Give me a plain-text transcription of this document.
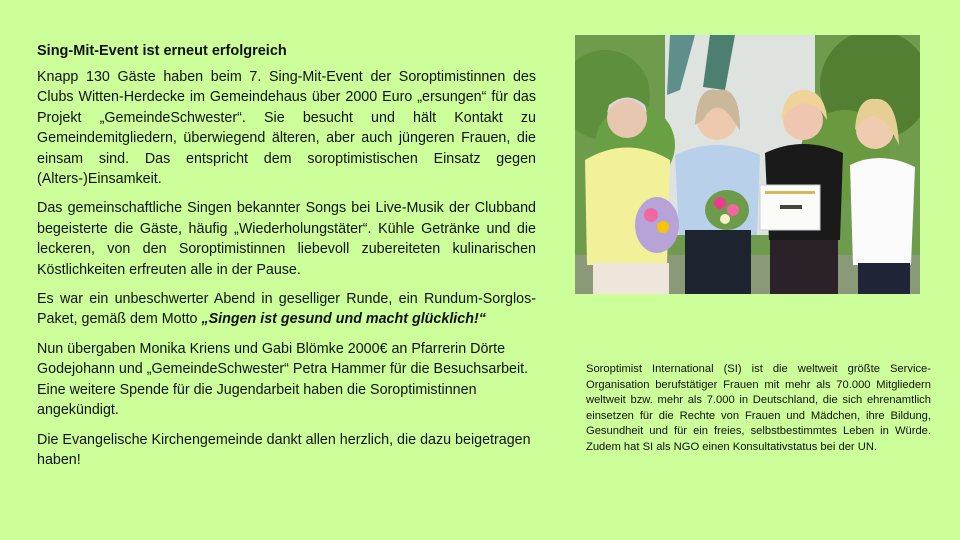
Sing-Mit-Event ist erneut erfolgreich

Knapp 130 Gäste haben beim 7. Sing-Mit-Event der Soroptimistinnen des Clubs Witten-Herdecke im Gemeindehaus über 2000 Euro „ersungen“ für das Projekt „GemeindeSchwester“. Sie besucht und hält Kontakt zu Gemeindemitgliedern, überwiegend älteren, aber auch jüngeren Frauen, die einsam sind. Das entspricht dem soroptimistischen Einsatz gegen (Alters-)Einsamkeit.

Das gemeinschaftliche Singen bekannter Songs bei Live-Musik der Clubband begeisterte die Gäste, häufig „Wiederholungstäter“. Kühle Getränke und die leckeren, von den Soroptimistinnen liebevoll zubereiteten kulinarischen Köstlichkeiten erfreuten alle in der Pause.

Es war ein unbeschwerter Abend in geselliger Runde, ein Rundum-Sorglos-Paket, gemäß dem Motto „Singen ist gesund und macht glücklich!“

Nun übergaben Monika Kriens und Gabi Blömke 2000€ an Pfarrerin Dörte Godejohann und „GemeindeSchwester“ Petra Hammer für die Besuchsarbeit. Eine weitere Spende für die Jugendarbeit haben die Soroptimistinnen angekündigt.

Die Evangelische Kirchengemeinde dankt allen herzlich, die dazu beigetragen haben!

Soroptimist International (SI) ist die weltweit größte Service-Organisation berufstätiger Frauen mit mehr als 70.000 Mitgliedern weltweit bzw. mehr als 7.000 in Deutschland, die sich ehrenamtlich einsetzen für die Rechte von Frauen und Mädchen, ihre Bildung, Gesundheit und für ein freies, selbstbestimmtes Leben in Würde. Zudem hat SI als NGO einen Konsultativstatus bei der UN.
